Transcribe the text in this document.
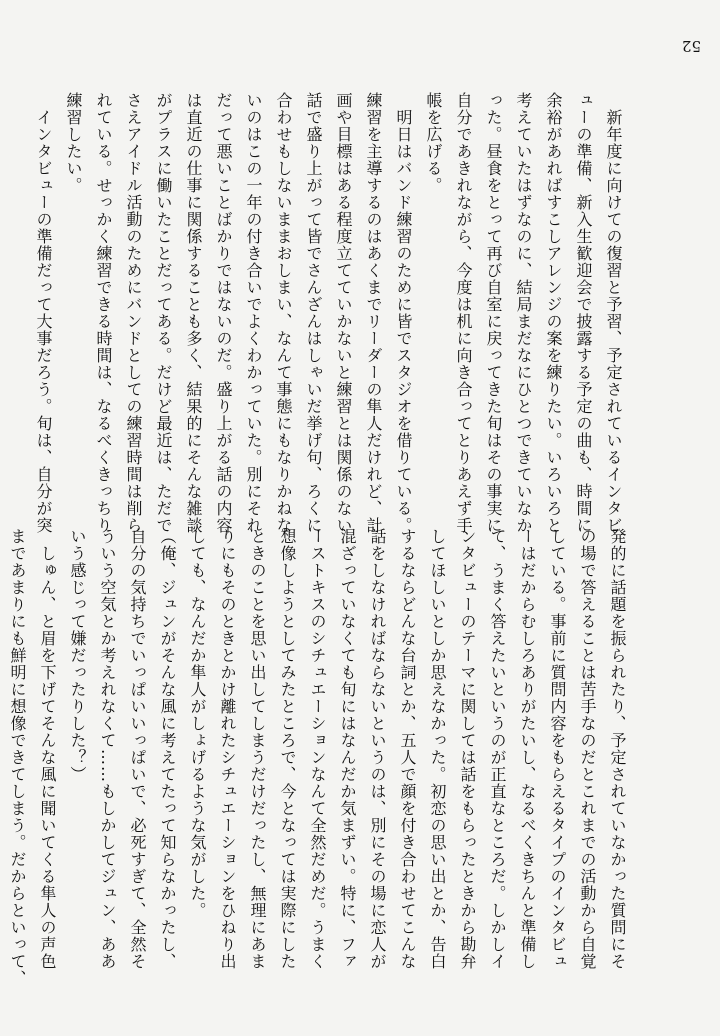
52
　新年度に向けての復習と予習、予定されているインタビ
ューの準備、新入生歓迎会で披露する予定の曲も、時間に
余裕があればすこしアレンジの案を練りたい。いろいろと
考えていたはずなのに、結局まだなにひとつできていなか
った。昼食をとって再び自室に戻ってきた旬はその事実に
自分であきれながら、今度は机に向き合ってとりあえず手
帳を広げる。
　明日はバンド練習のために皆でスタジオを借りている。
練習を主導するのはあくまでリーダーの隼人だけれど、計
画や目標はある程度立てていかないと練習とは関係のない
話で盛り上がって皆でさんざんはしゃいだ挙げ句、ろくに
合わせもしないままおしまい、なんて事態にもなりかねな
いのはこの一年の付き合いでよくわかっていた。別にそれ
だって悪いことばかりではないのだ。盛り上がる話の内容
は直近の仕事に関係することも多く、結果的にそんな雑談
がプラスに働いたことだってある。だけど最近は、ただで
さえアイドル活動のためにバンドとしての練習時間は削ら
れている。せっかく練習できる時間は、なるべくきっちり
練習したい。
　インタビューの準備だって大事だろう。旬は、自分が突
発的に話題を振られたり、予定されていなかった質問にそ
の場で答えることは苦手なのだとこれまでの活動から自覚
している。事前に質問内容をもらえるタイプのインタビュ
ーはだからむしろありがたいし、なるべくきちんと準備し
て、うまく答えたいというのが正直なところだ。しかしイ
ンタビューのテーマに関しては話をもらったときから勘弁
してほしいとしか思えなかった。初恋の思い出とか、告白
するならどんな台詞とか、五人で顔を付き合わせてこんな
話をしなければならないというのは、別にその場に恋人が
混ざっていなくても旬にはなんだか気まずい。特に、ファ
ーストキスのシチュエーションなんて全然だめだ。うまく
想像しようとしてみたところで、今となっては実際にした
ときのことを思い出してしまうだけだったし、無理にあま
りにもそのときとかけ離れたシチュエーションをひねり出
しても、なんだか隼人がしょげるような気がした。
（俺、ジュンがそんな風に考えてたって知らなかったし、
自分の気持ちでいっぱいいっぱいで、必死すぎて、全然そ
ういう空気とか考えれなくて……もしかしてジュン、ああ
いう感じって嫌だったりした？）
　しゅん、と眉を下げてそんな風に聞いてくる隼人の声色
まであまりにも鮮明に想像できてしまう。だからといって、
